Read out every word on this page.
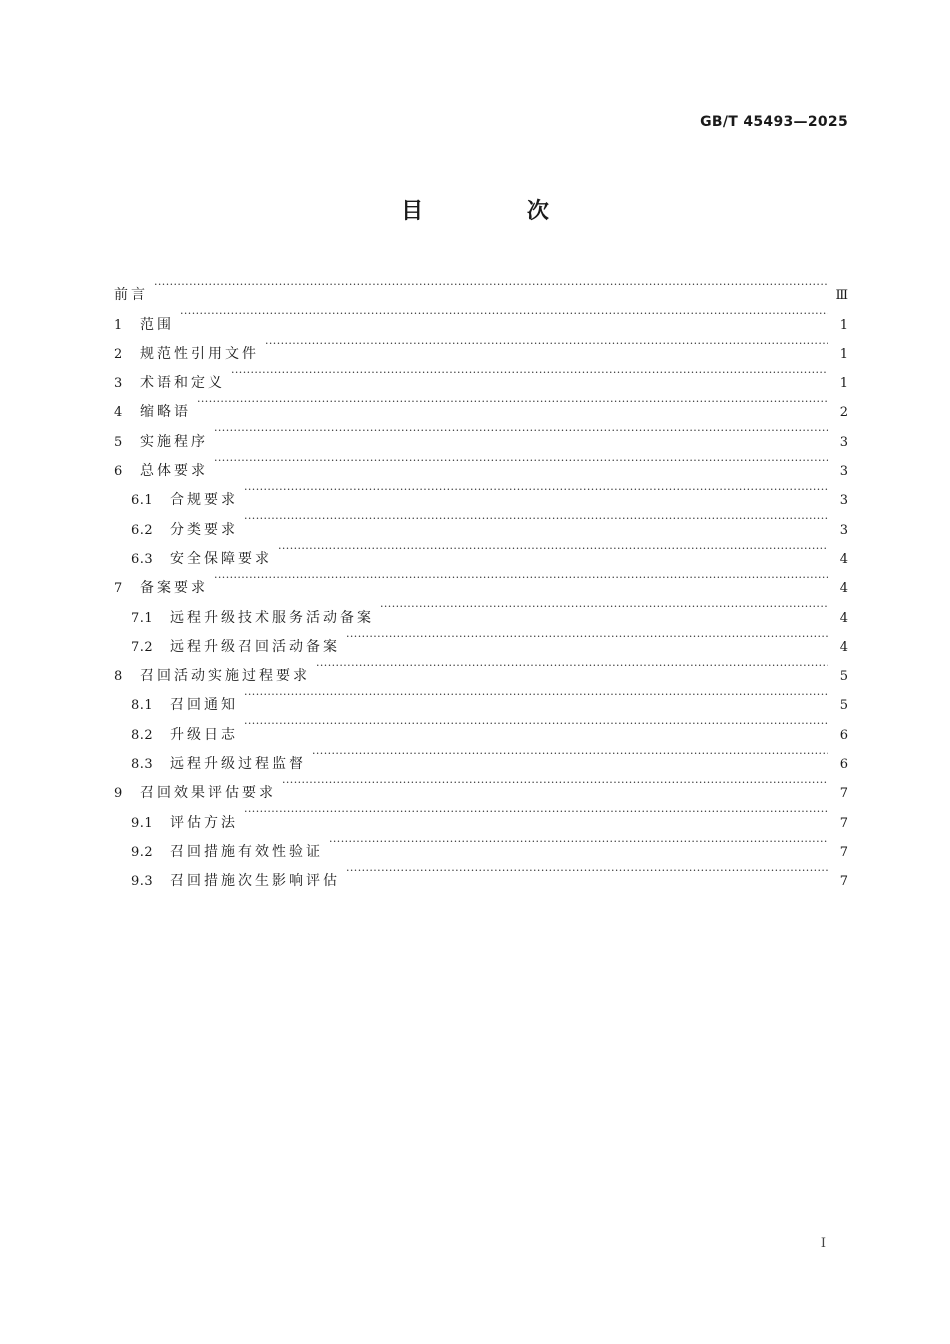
GB/T 45493—2025
目 次
前言 ·····	Ⅲ
1	范围 ·····	1
2	规范性引用文件 ·····	1
3	术语和定义 ·····	1
4	缩略语 ·····	2
5	实施程序 ·····	3
6	总体要求 ·····	3
6.1	合规要求 ·····	3
6.2	分类要求 ·····	3
6.3	安全保障要求 ·····	4
7	备案要求 ·····	4
7.1	远程升级技术服务活动备案 ·····	4
7.2	远程升级召回活动备案 ·····	4
8	召回活动实施过程要求 ·····	5
8.1	召回通知 ·····	5
8.2	升级日志 ·····	6
8.3	远程升级过程监督 ·····	6
9	召回效果评估要求 ·····	7
9.1	评估方法 ·····	7
9.2	召回措施有效性验证 ·····	7
9.3	召回措施次生影响评估 ·····	7
I
